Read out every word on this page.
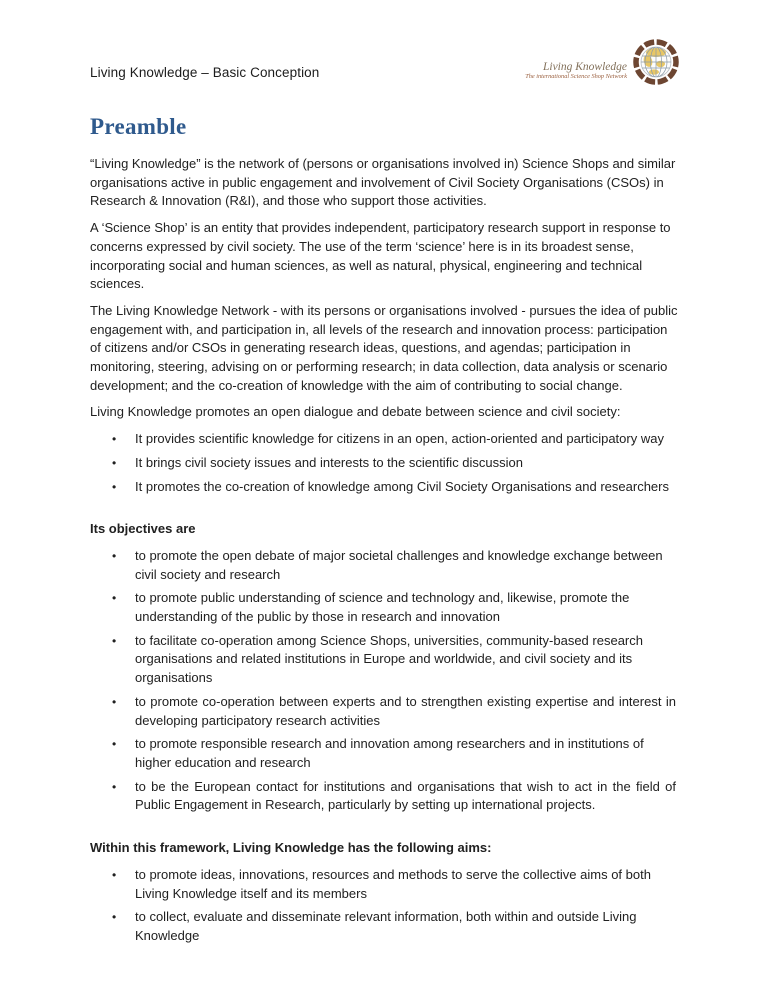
Living Knowledge – Basic Conception	Living Knowledge
The international Science Shop Network
Preamble

“Living Knowledge” is the network of (persons or organisations involved in) Science Shops and similar organisations active in public engagement and involvement of Civil Society Organisations (CSOs) in Research & Innovation (R&I), and those who support those activities.

A ‘Science Shop’ is an entity that provides independent, participatory research support in response to concerns expressed by civil society. The use of the term ‘science’ here is in its broadest sense, incorporating social and human sciences, as well as natural, physical, engineering and technical sciences.

The Living Knowledge Network - with its persons or organisations involved - pursues the idea of public engagement with, and participation in, all levels of the research and innovation process: participation of citizens and/or CSOs in generating research ideas, questions, and agendas; participation in monitoring, steering, advising on or performing research; in data collection, data analysis or scenario development; and the co-creation of knowledge with the aim of contributing to social change.

Living Knowledge promotes an open dialogue and debate between science and civil society:

•	It provides scientific knowledge for citizens in an open, action-oriented and participatory way
•	It brings civil society issues and interests to the scientific discussion
•	It promotes the co-creation of knowledge among Civil Society Organisations and researchers

Its objectives are

•	to promote the open debate of major societal challenges and knowledge exchange between civil society and research
•	to promote public understanding of science and technology and, likewise, promote the understanding of the public by those in research and innovation
•	to facilitate co-operation among Science Shops, universities, community-based research organisations and related institutions in Europe and worldwide, and civil society and its organisations
•	to promote co-operation between experts and to strengthen existing expertise and interest in developing participatory research activities
•	to promote responsible research and innovation among researchers and in institutions of higher education and research
•	to be the European contact for institutions and organisations that wish to act in the field of Public Engagement in Research, particularly by setting up international projects.

Within this framework, Living Knowledge has the following aims:

•	to promote ideas, innovations, resources and methods to serve the collective aims of both Living Knowledge itself and its members
•	to collect, evaluate and disseminate relevant information, both within and outside Living Knowledge
